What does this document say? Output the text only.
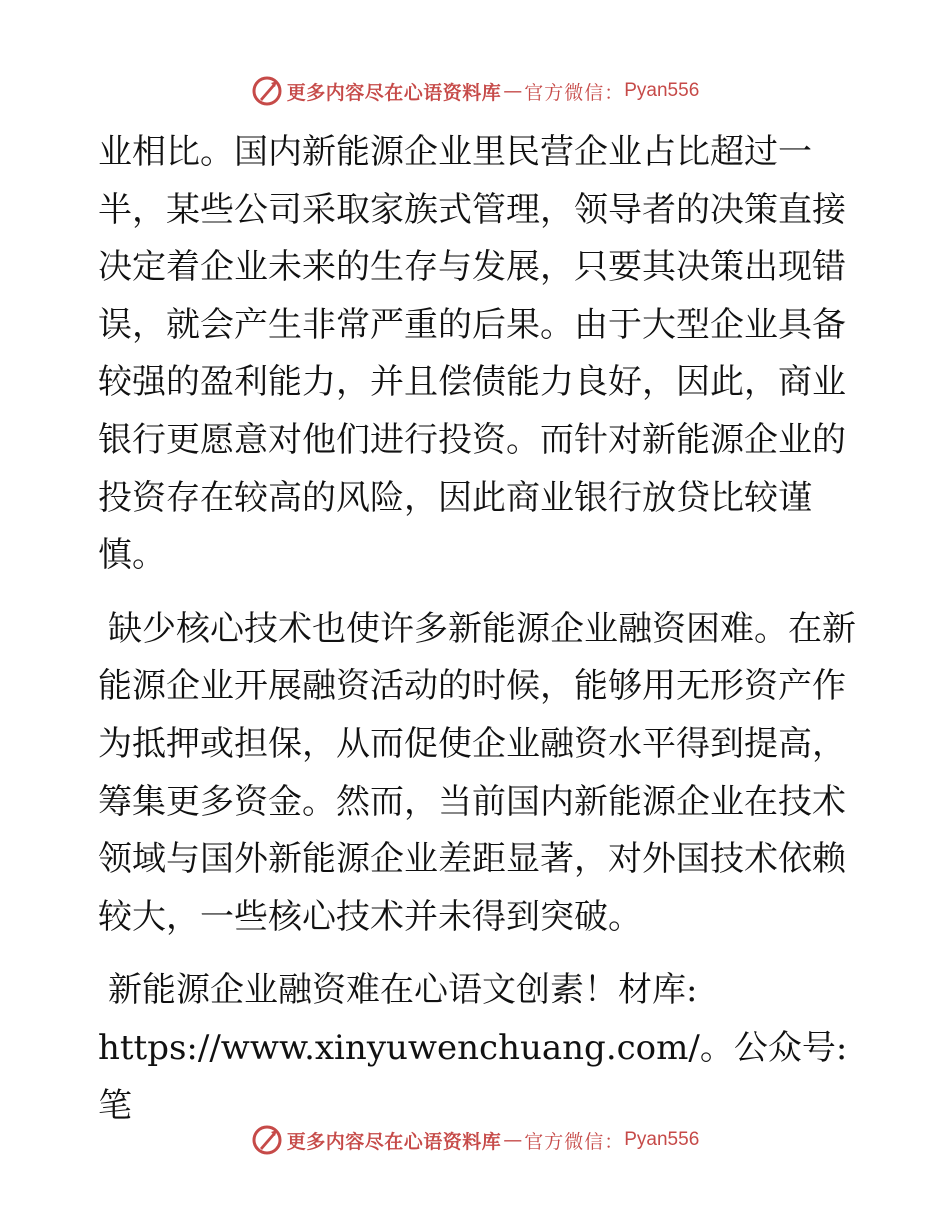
更多内容尽在心语资料库 — 官方微信： Pyan556

业相比。国内新能源企业里民营企业占比超过一半，某些公司采取家族式管理，领导者的决策直接决定着企业未来的生存与发展，只要其决策出现错误，就会产生非常严重的后果。由于大型企业具备较强的盈利能力，并且偿债能力良好，因此，商业银行更愿意对他们进行投资。而针对新能源企业的投资存在较高的风险，因此商业银行放贷比较谨慎。

缺少核心技术也使许多新能源企业融资困难。在新能源企业开展融资活动的时候，能够用无形资产作为抵押或担保，从而促使企业融资水平得到提高，筹集更多资金。然而，当前国内新能源企业在技术领域与国外新能源企业差距显著，对外国技术依赖较大，一些核心技术并未得到突破。

新能源企业融资难在心语文创素！材库:
https://www.xinyuwenchuang.com/。公众号: 笔

更多内容尽在心语资料库 — 官方微信： Pyan556
